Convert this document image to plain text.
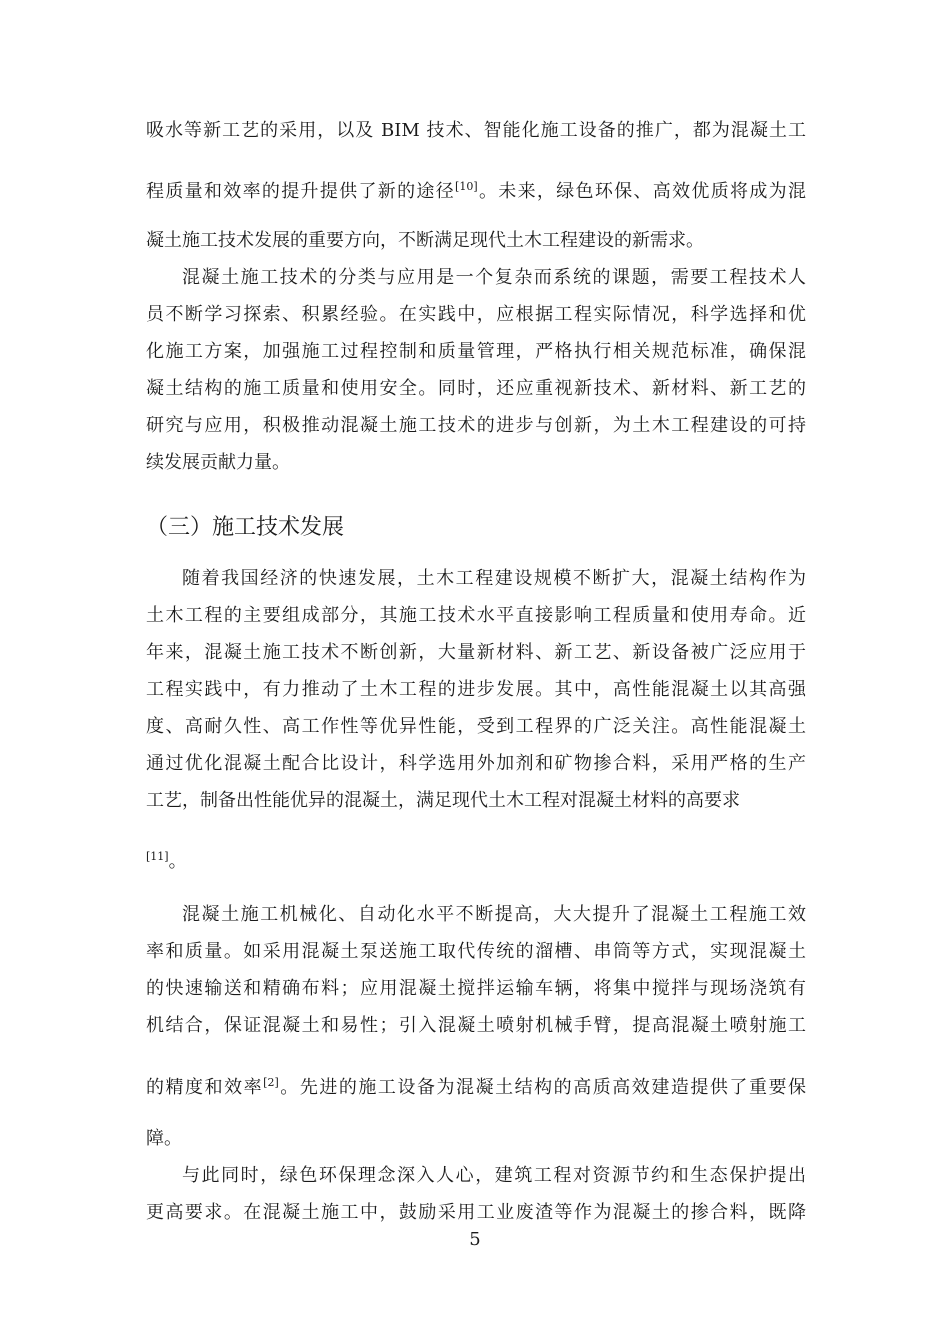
吸水等新工艺的采用，以及 BIM 技术、智能化施工设备的推广，都为混凝土工
程质量和效率的提升提供了新的途径[10]。未来，绿色环保、高效优质将成为混
凝土施工技术发展的重要方向，不断满足现代土木工程建设的新需求。
混凝土施工技术的分类与应用是一个复杂而系统的课题，需要工程技术人
员不断学习探索、积累经验。在实践中，应根据工程实际情况，科学选择和优
化施工方案，加强施工过程控制和质量管理，严格执行相关规范标准，确保混
凝土结构的施工质量和使用安全。同时，还应重视新技术、新材料、新工艺的
研究与应用，积极推动混凝土施工技术的进步与创新，为土木工程建设的可持
续发展贡献力量。
（三）施工技术发展
随着我国经济的快速发展，土木工程建设规模不断扩大，混凝土结构作为
土木工程的主要组成部分，其施工技术水平直接影响工程质量和使用寿命。近
年来，混凝土施工技术不断创新，大量新材料、新工艺、新设备被广泛应用于
工程实践中，有力推动了土木工程的进步发展。其中，高性能混凝土以其高强
度、高耐久性、高工作性等优异性能，受到工程界的广泛关注。高性能混凝土
通过优化混凝土配合比设计，科学选用外加剂和矿物掺合料，采用严格的生产
工艺，制备出性能优异的混凝土，满足现代土木工程对混凝土材料的高要求
[11]。
混凝土施工机械化、自动化水平不断提高，大大提升了混凝土工程施工效
率和质量。如采用混凝土泵送施工取代传统的溜槽、串筒等方式，实现混凝土
的快速输送和精确布料；应用混凝土搅拌运输车辆，将集中搅拌与现场浇筑有
机结合，保证混凝土和易性；引入混凝土喷射机械手臂，提高混凝土喷射施工
的精度和效率[2]。先进的施工设备为混凝土结构的高质高效建造提供了重要保
障。
与此同时，绿色环保理念深入人心，建筑工程对资源节约和生态保护提出
更高要求。在混凝土施工中，鼓励采用工业废渣等作为混凝土的掺合料，既降
5
